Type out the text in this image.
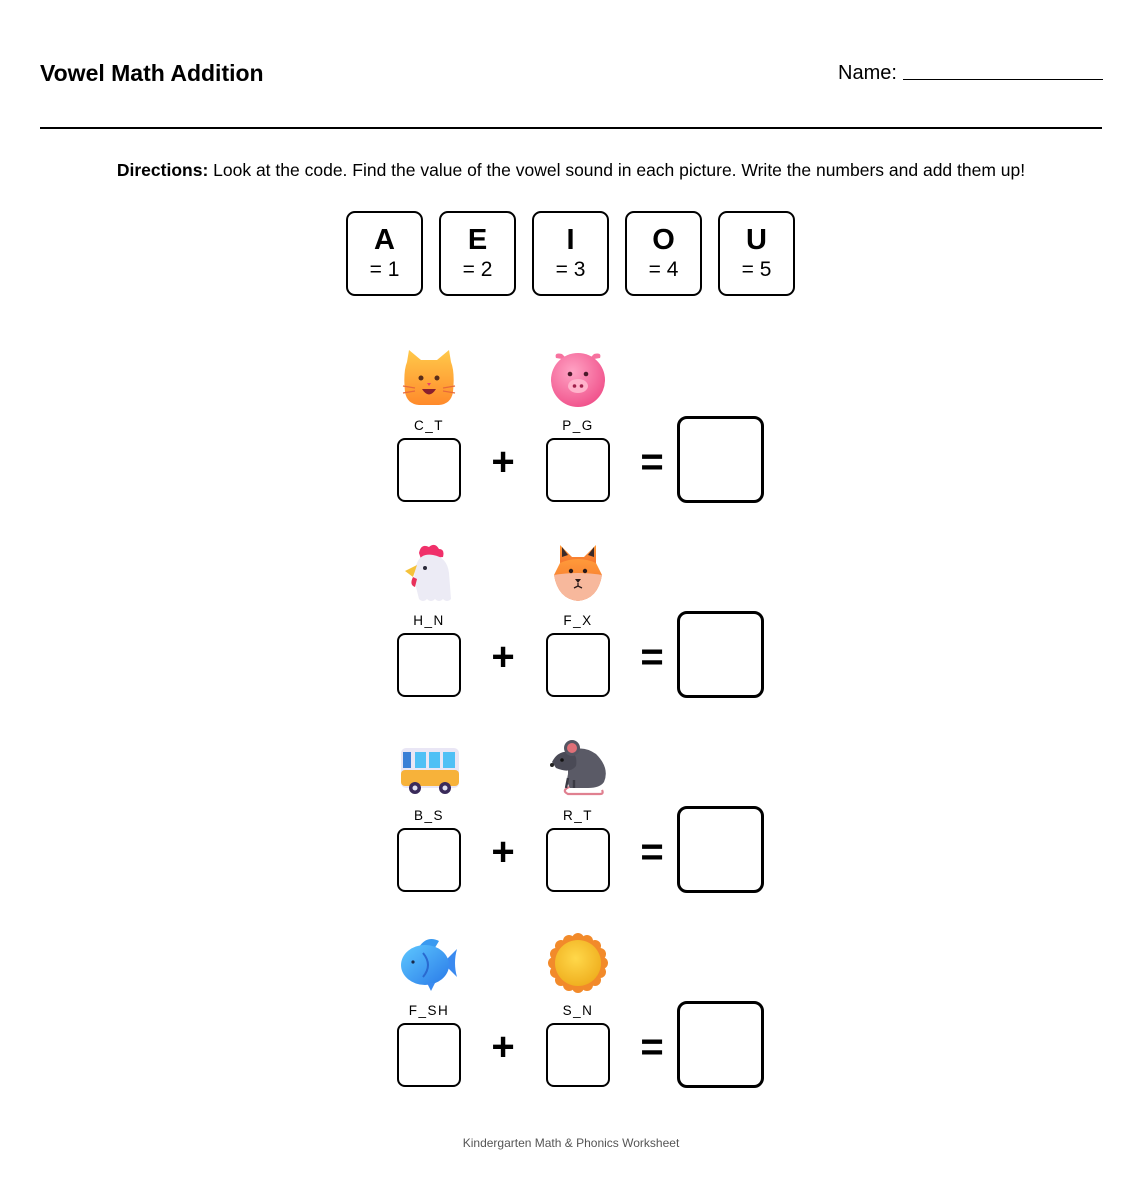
Vowel Math Addition	Name:
Directions: Look at the code. Find the value of the vowel sound in each picture. Write the numbers and add them up!
A
= 1
E
= 2
I
= 3
O
= 4
U
= 5
C_T
+
P_G
=
H_N
+
F_X
=
B_S
+
R_T
=
F_SH
+
S_N
=
Kindergarten Math & Phonics Worksheet
